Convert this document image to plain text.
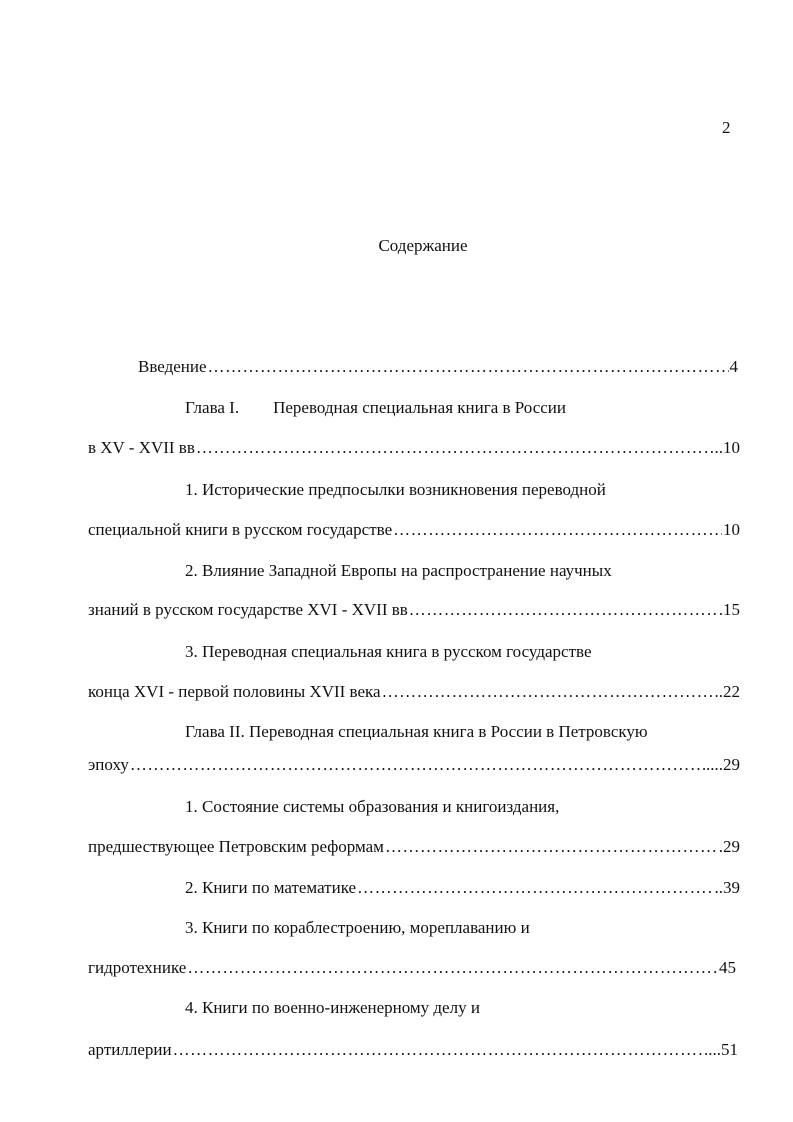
2
Содержание
Введение ………………………………………………………………………………………………………………………………………………………………………………………………………	4
Глава I.        Переводная специальная книга в России
в XV - XVII вв ………………………………………………………………………………………………………………………………………………………………………………………………………	..10
1. Исторические предпосылки возникновения переводной
специальной книги в русском государстве ………………………………………………………………………………………………………………………………………………………………………………………………………	10
2. Влияние Западной Европы на распространение научных
знаний в русском государстве XVI - XVII вв ………………………………………………………………………………………………………………………………………………………………………………………………………	.15
3. Переводная специальная книга в русском государстве
конца XVI - первой половины XVII века ………………………………………………………………………………………………………………………………………………………………………………………………………	..22
Глава II. Переводная специальная книга в России в Петровскую
эпоху ………………………………………………………………………………………………………………………………………………………………………………………………………	....29
1. Состояние системы образования и книгоиздания,
предшествующее Петровским реформам ………………………………………………………………………………………………………………………………………………………………………………………………………	.29
2. Книги по математике ………………………………………………………………………………………………………………………………………………………………………………………………………	..39
3. Книги по кораблестроению, мореплаванию и
гидротехнике ………………………………………………………………………………………………………………………………………………………………………………………………………	45
4. Книги по военно-инженерному делу и
артиллерии ………………………………………………………………………………………………………………………………………………………………………………………………………	...51
